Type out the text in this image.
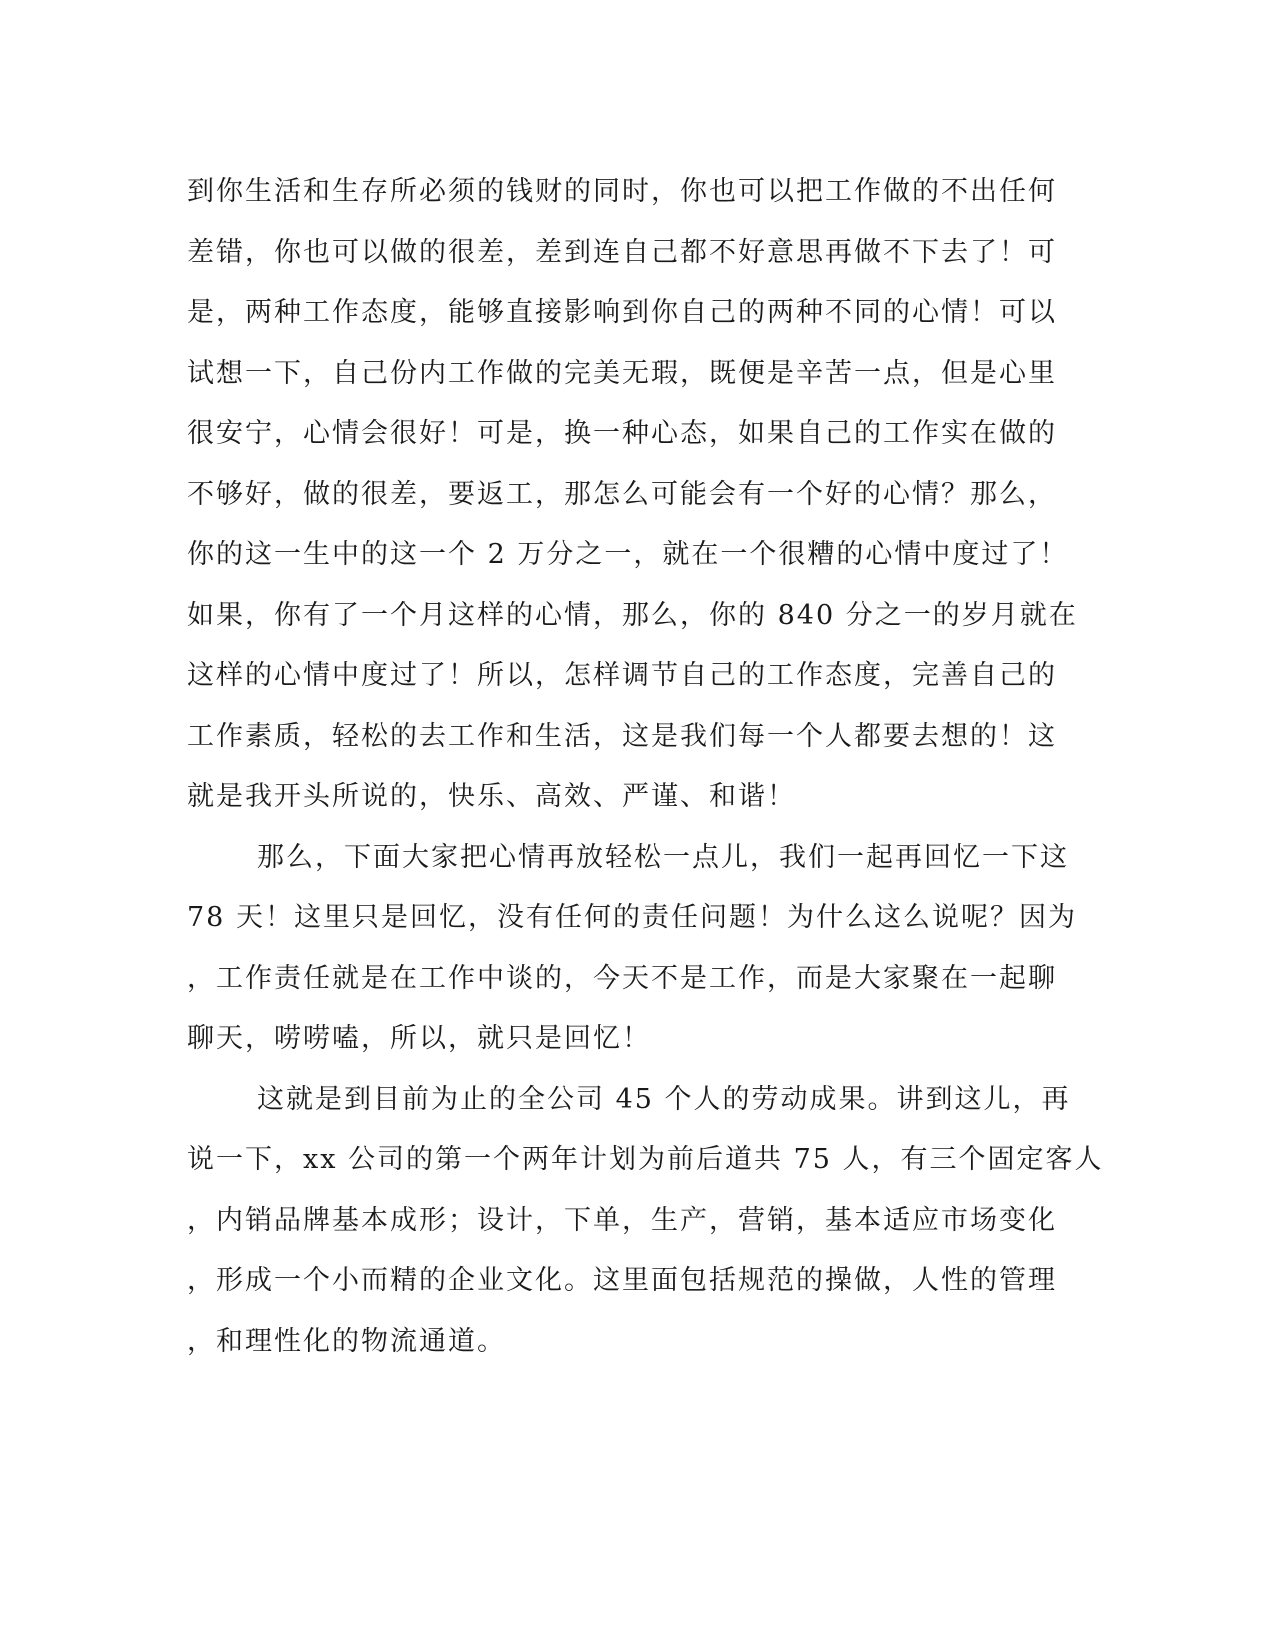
到你生活和生存所必须的钱财的同时，你也可以把工作做的不出任何
差错，你也可以做的很差，差到连自己都不好意思再做不下去了！可
是，两种工作态度，能够直接影响到你自己的两种不同的心情！可以
试想一下，自己份内工作做的完美无瑕，既便是辛苦一点，但是心里
很安宁，心情会很好！可是，换一种心态，如果自己的工作实在做的
不够好，做的很差，要返工，那怎么可能会有一个好的心情？那么，
你的这一生中的这一个 2 万分之一，就在一个很糟的心情中度过了！
如果，你有了一个月这样的心情，那么，你的 840 分之一的岁月就在
这样的心情中度过了！所以，怎样调节自己的工作态度，完善自己的
工作素质，轻松的去工作和生活，这是我们每一个人都要去想的！这
就是我开头所说的，快乐、高效、严谨、和谐！
那么，下面大家把心情再放轻松一点儿，我们一起再回忆一下这
78 天！这里只是回忆，没有任何的责任问题！为什么这么说呢？因为
，工作责任就是在工作中谈的，今天不是工作，而是大家聚在一起聊
聊天，唠唠嗑，所以，就只是回忆！
这就是到目前为止的全公司 45 个人的劳动成果。讲到这儿，再
说一下，xx 公司的第一个两年计划为前后道共 75 人，有三个固定客人
，内销品牌基本成形；设计，下单，生产，营销，基本适应市场变化
，形成一个小而精的企业文化。这里面包括规范的操做，人性的管理
，和理性化的物流通道。
